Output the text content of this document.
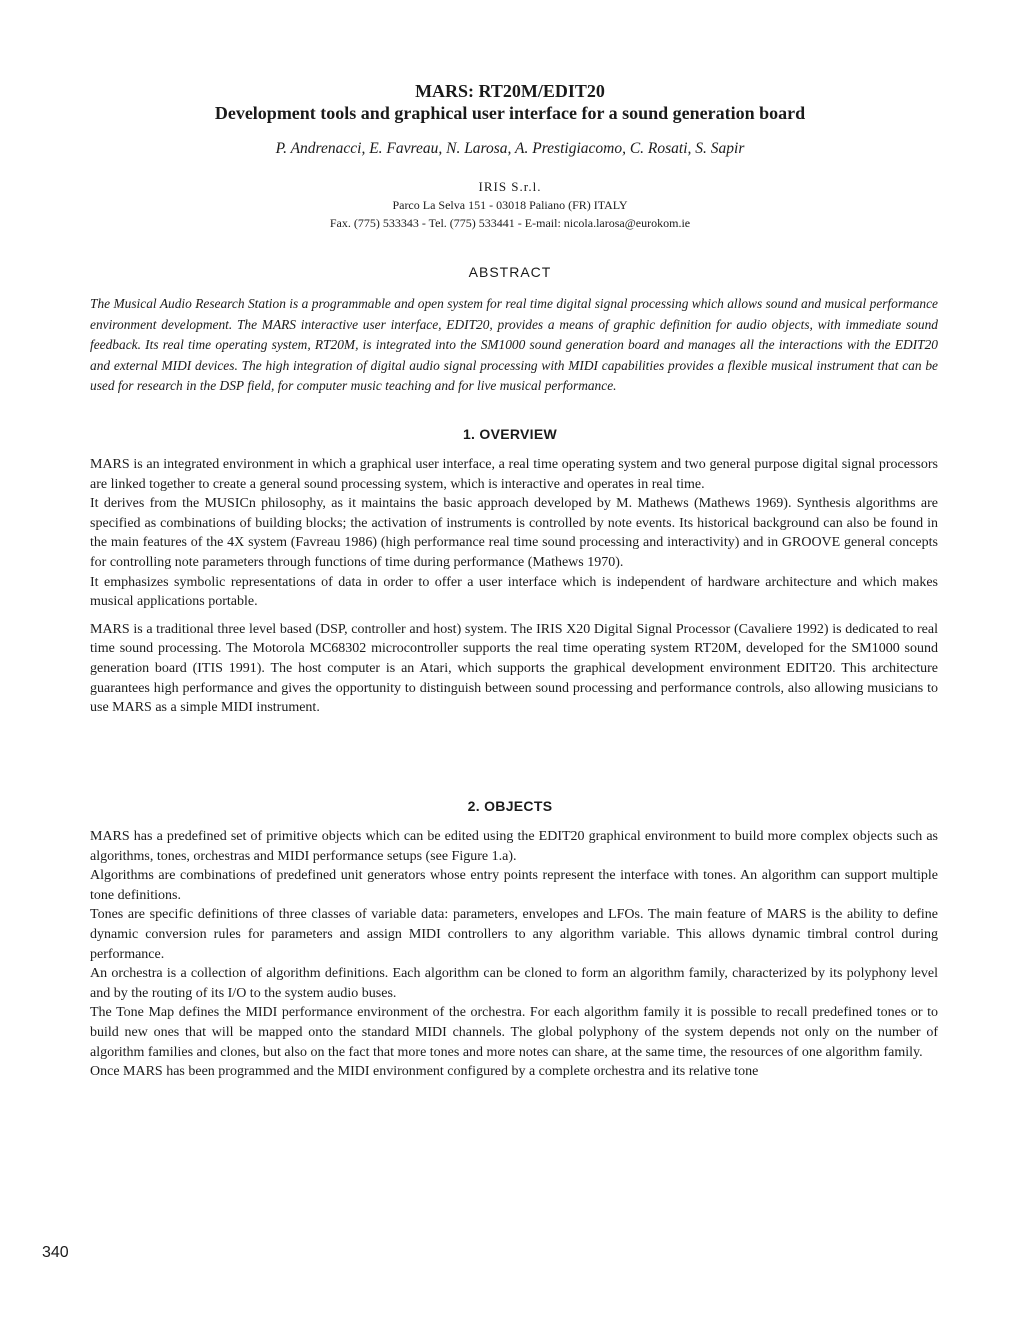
MARS: RT20M/EDIT20
Development tools and graphical user interface for a sound generation board
P. Andrenacci, E. Favreau, N. Larosa, A. Prestigiacomo, C. Rosati, S. Sapir
IRIS S.r.l.
Parco La Selva 151 - 03018 Paliano (FR) ITALY
Fax. (775) 533343 - Tel. (775) 533441 - E-mail: nicola.larosa@eurokom.ie
ABSTRACT
The Musical Audio Research Station is a programmable and open system for real time digital signal processing which allows sound and musical performance environment development. The MARS interactive user interface, EDIT20, provides a means of graphic definition for audio objects, with immediate sound feedback. Its real time operating system, RT20M, is integrated into the SM1000 sound generation board and manages all the interactions with the EDIT20 and external MIDI devices. The high integration of digital audio signal processing with MIDI capabilities provides a flexible musical instrument that can be used for research in the DSP field, for computer music teaching and for live musical performance.
1. OVERVIEW

MARS is an integrated environment in which a graphical user interface, a real time operating system and two general purpose digital signal processors are linked together to create a general sound processing system, which is interactive and operates in real time.

It derives from the MUSICn philosophy, as it maintains the basic approach developed by M. Mathews (Mathews 1969). Synthesis algorithms are specified as combinations of building blocks; the activation of instruments is controlled by note events. Its historical background can also be found in the main features of the 4X system (Favreau 1986) (high performance real time sound processing and interactivity) and in GROOVE general concepts for controlling note parameters through functions of time during performance (Mathews 1970).

It emphasizes symbolic representations of data in order to offer a user interface which is independent of hardware architecture and which makes musical applications portable.

MARS is a traditional three level based (DSP, controller and host) system. The IRIS X20 Digital Signal Processor (Cavaliere 1992) is dedicated to real time sound processing. The Motorola MC68302 microcontroller supports the real time operating system RT20M, developed for the SM1000 sound generation board (ITIS 1991). The host computer is an Atari, which supports the graphical development environment EDIT20. This architecture guarantees high performance and gives the opportunity to distinguish between sound processing and performance controls, also allowing musicians to use MARS as a simple MIDI instrument.

2. OBJECTS

MARS has a predefined set of primitive objects which can be edited using the EDIT20 graphical environment to build more complex objects such as algorithms, tones, orchestras and MIDI performance setups (see Figure 1.a).

Algorithms are combinations of predefined unit generators whose entry points represent the interface with tones. An algorithm can support multiple tone definitions.

Tones are specific definitions of three classes of variable data: parameters, envelopes and LFOs. The main feature of MARS is the ability to define dynamic conversion rules for parameters and assign MIDI controllers to any algorithm variable. This allows dynamic timbral control during performance.

An orchestra is a collection of algorithm definitions. Each algorithm can be cloned to form an algorithm family, characterized by its polyphony level and by the routing of its I/O to the system audio buses.

The Tone Map defines the MIDI performance environment of the orchestra. For each algorithm family it is possible to recall predefined tones or to build new ones that will be mapped onto the standard MIDI channels. The global polyphony of the system depends not only on the number of algorithm families and clones, but also on the fact that more tones and more notes can share, at the same time, the resources of one algorithm family.

Once MARS has been programmed and the MIDI environment configured by a complete orchestra and its relative tone

340
